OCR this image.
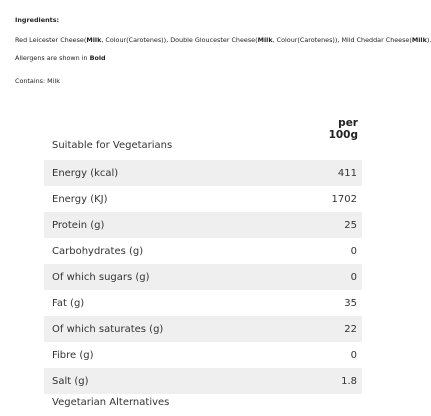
Ingredients:
Red Leicester Cheese(Milk, Colour(Carotenes)), Double Gloucester Cheese(Milk, Colour(Carotenes)), Mild Cheddar Cheese(Milk).
Allergens are shown in Bold
Contains: Milk
per 100g
Suitable for Vegetarians
Energy (kcal)	411
Energy (KJ)	1702
Protein (g)	25
Carbohydrates (g)	0
Of which sugars (g)	0
Fat (g)	35
Of which saturates (g)	22
Fibre (g)	0
Salt (g)	1.8
Vegetarian Alternatives
